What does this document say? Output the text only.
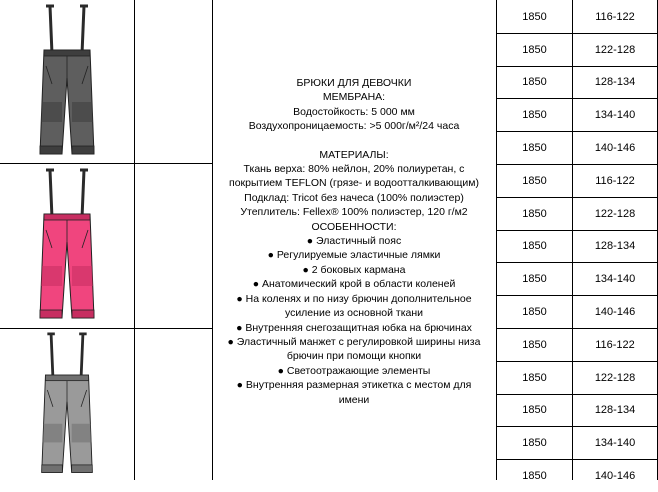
БРЮКИ ДЛЯ ДЕВОЧКИ
МЕМБРАНА:
Водостойкость: 5 000 мм
Воздухопроницаемость: >5 000г/м²/24 часа
МАТЕРИАЛЫ:
Ткань верха: 80% нейлон, 20% полиуретан, с
покрытием TEFLON (грязе- и водоотталкивающим)
Подклад: Tricot без начеса (100% полиэстер)
Утеплитель: Fellex® 100% полиэстер, 120 г/м2
ОСОБЕННОСТИ:
● Эластичный пояс
● Регулируемые эластичные лямки
● 2 боковых кармана
● Анатомический крой в области коленей
● На коленях и по низу брючин дополнительное
усиление из основной ткани
● Внутренняя снегозащитная юбка на брючинах
● Эластичный манжет с регулировкой ширины низа
брючин при помощи кнопки
● Светоотражающие элементы
● Внутренняя размерная этикетка с местом для
имени
1850	116-122
1850	122-128
1850	128-134
1850	134-140
1850	140-146
1850	116-122
1850	122-128
1850	128-134
1850	134-140
1850	140-146
1850	116-122
1850	122-128
1850	128-134
1850	134-140
1850	140-146
